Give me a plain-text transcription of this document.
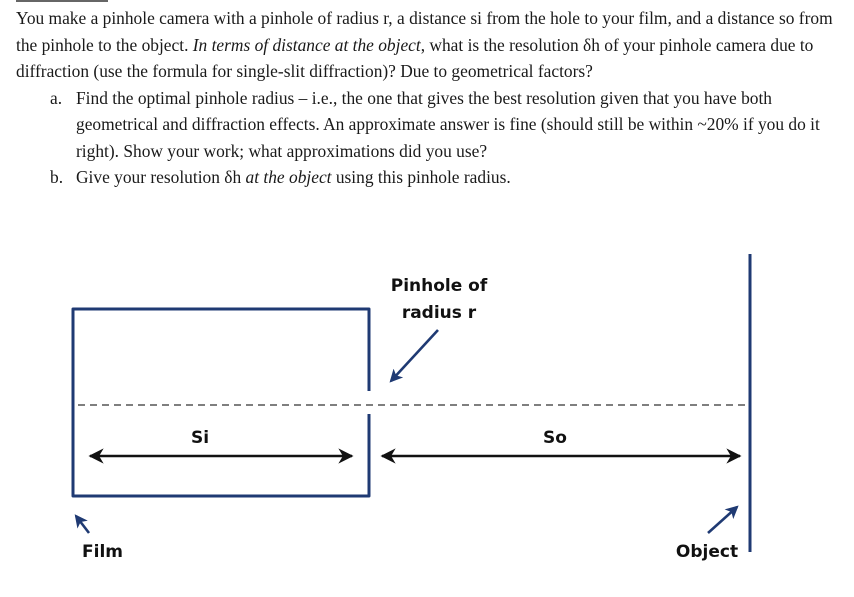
You make a pinhole camera with a pinhole of radius r, a distance si from the hole to your film, and a distance so from the pinhole to the object. In terms of distance at the object, what is the resolution δh of your pinhole camera due to diffraction (use the formula for single-slit diffraction)? Due to geometrical factors?

a. Find the optimal pinhole radius – i.e., the one that gives the best resolution given that you have both geometrical and diffraction effects. An approximate answer is fine (should still be within ~20% if you do it right). Show your work; what approximations did you use?

b. Give your resolution δh at the object using this pinhole radius.

Si	So
Pinhole of
radius r
Film	Object
